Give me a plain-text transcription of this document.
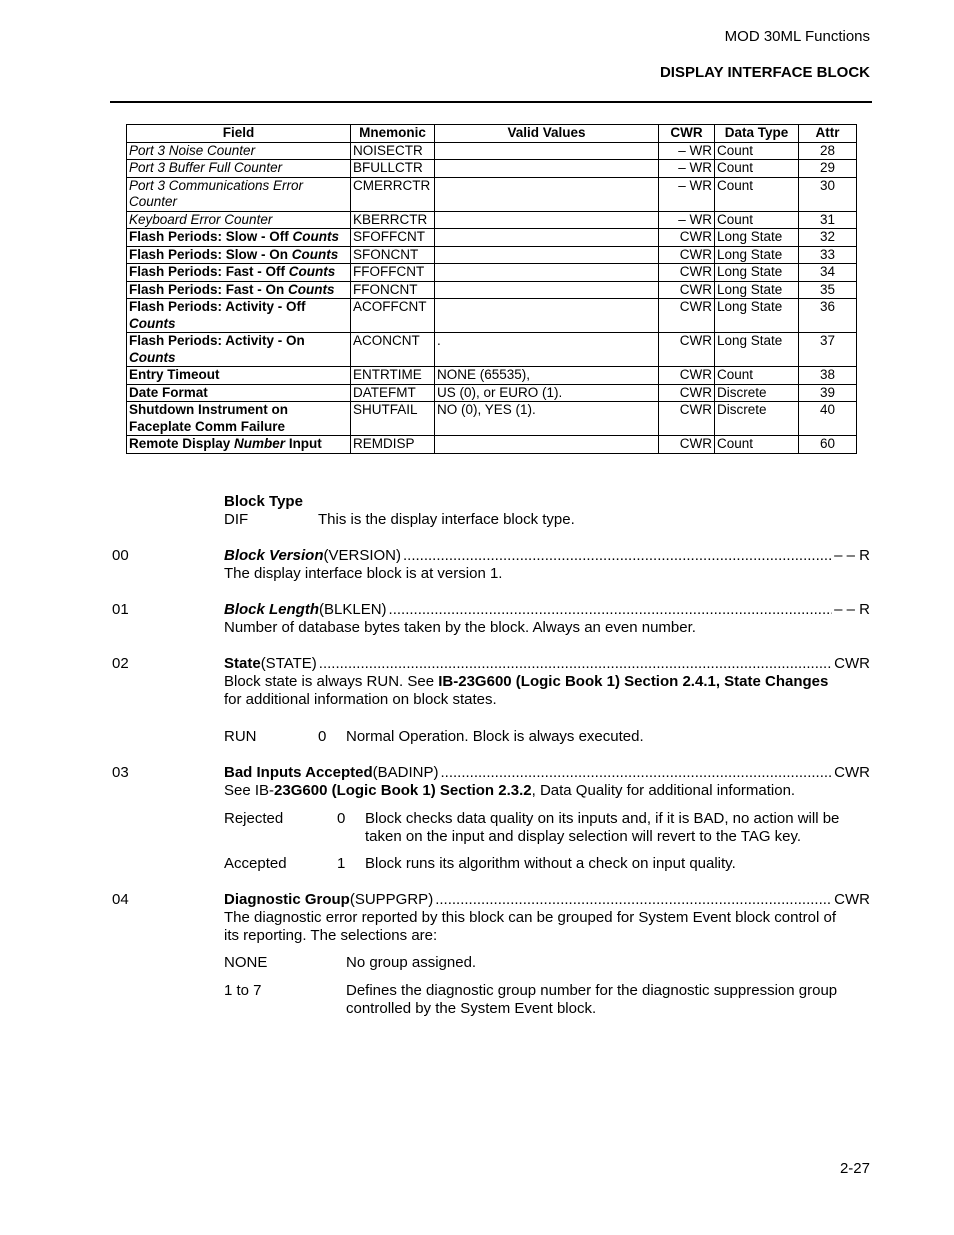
MOD 30ML Functions
DISPLAY INTERFACE BLOCK
Field	Mnemonic	Valid Values	CWR	Data Type	Attr
Port 3 Noise Counter	NOISECTR		– WR	Count	28
Port 3 Buffer Full Counter	BFULLCTR		– WR	Count	29
Port 3 Communications Error Counter	CMERRCTR		– WR	Count	30
Keyboard Error Counter	KBERRCTR		– WR	Count	31
Flash Periods: Slow - Off Counts	SFOFFCNT		CWR	Long State	32
Flash Periods: Slow - On Counts	SFONCNT		CWR	Long State	33
Flash Periods: Fast - Off Counts	FFOFFCNT		CWR	Long State	34
Flash Periods: Fast - On Counts	FFONCNT		CWR	Long State	35
Flash Periods: Activity - Off Counts	ACOFFCNT		CWR	Long State	36
Flash Periods: Activity - On Counts	ACONCNT	.	CWR	Long State	37
Entry Timeout	ENTRTIME	NONE (65535),	CWR	Count	38
Date Format	DATEFMT	US (0), or EURO (1).	CWR	Discrete	39
Shutdown Instrument on Faceplate Comm Failure	SHUTFAIL	NO (0), YES (1).	CWR	Discrete	40
Remote Display Number Input	REMDISP		CWR	Count	60
Block Type
DIF	This is the display interface block type.
00	Block Version (VERSION) .....	– – R
The display interface block is at version 1.
01	Block Length (BLKLEN) .....	– – R
Number of database bytes taken by the block. Always an even number.
02	State (STATE) .....	CWR
Block state is always RUN. See IB-23G600 (Logic Book 1) Section 2.4.1, State Changes
for additional information on block states.
RUN	0 Normal Operation. Block is always executed.
03	Bad Inputs Accepted (BADINP) .....	CWR
See IB-23G600 (Logic Book 1) Section 2.3.2, Data Quality for additional information.
Rejected	0 Block checks data quality on its inputs and, if it is BAD, no action will be
taken on the input and display selection will revert to the TAG key.
Accepted	1 Block runs its algorithm without a check on input quality.
04	Diagnostic Group (SUPPGRP) .....	CWR
The diagnostic error reported by this block can be grouped for System Event block control of
its reporting. The selections are:
NONE	No group assigned.
1 to 7	Defines the diagnostic group number for the diagnostic suppression group
controlled by the System Event block.
2-27
